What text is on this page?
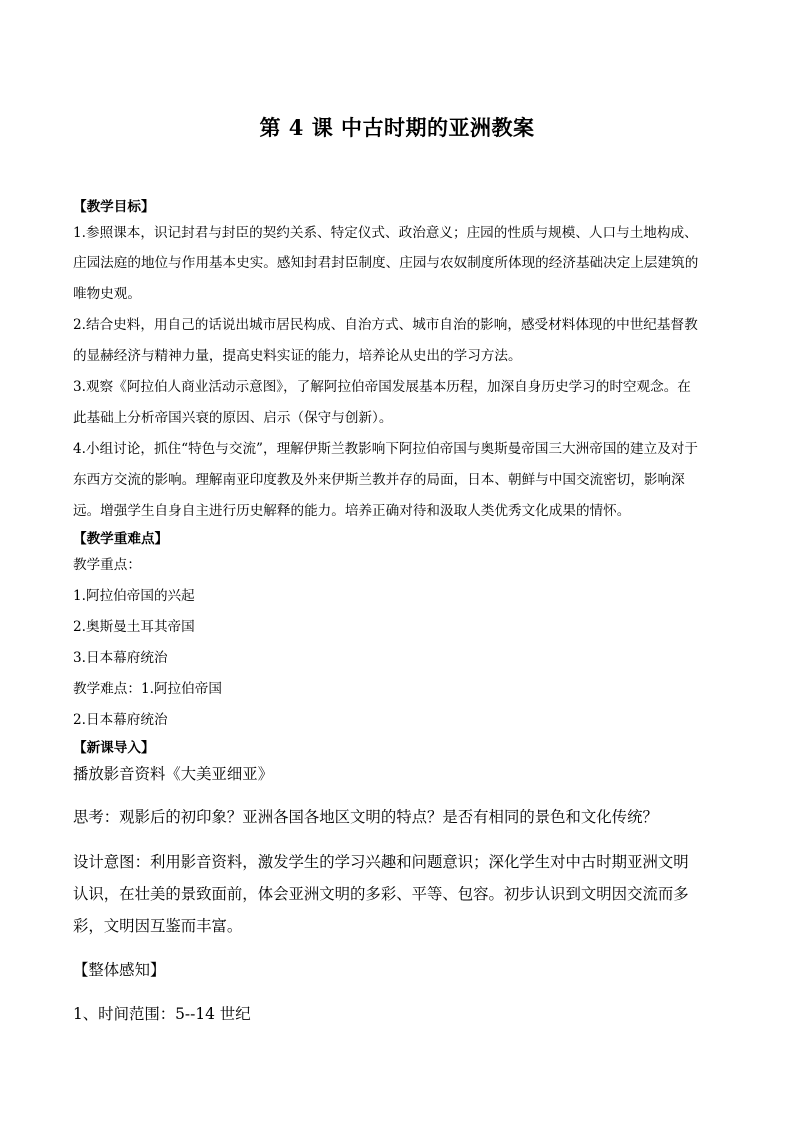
第 4 课 中古时期的亚洲教案
【教学目标】
1.参照课本，识记封君与封臣的契约关系、特定仪式、政治意义；庄园的性质与规模、人口与土地构成、
庄园法庭的地位与作用基本史实。感知封君封臣制度、庄园与农奴制度所体现的经济基础决定上层建筑的
唯物史观。
2.结合史料，用自己的话说出城市居民构成、自治方式、城市自治的影响，感受材料体现的中世纪基督教
的显赫经济与精神力量，提高史料实证的能力，培养论从史出的学习方法。
3.观察《阿拉伯人商业活动示意图》，了解阿拉伯帝国发展基本历程，加深自身历史学习的时空观念。在
此基础上分析帝国兴衰的原因、启示（保守与创新）。
4.小组讨论，抓住“特色与交流”，理解伊斯兰教影响下阿拉伯帝国与奥斯曼帝国三大洲帝国的建立及对于
东西方交流的影响。理解南亚印度教及外来伊斯兰教并存的局面，日本、朝鲜与中国交流密切，影响深
远。增强学生自身自主进行历史解释的能力。培养正确对待和汲取人类优秀文化成果的情怀。
【教学重难点】
教学重点：
1.阿拉伯帝国的兴起
2.奥斯曼土耳其帝国
3.日本幕府统治
教学难点：1.阿拉伯帝国
2.日本幕府统治
【新课导入】
播放影音资料《大美亚细亚》
思考：观影后的初印象？亚洲各国各地区文明的特点？是否有相同的景色和文化传统？
设计意图：利用影音资料，激发学生的学习兴趣和问题意识；深化学生对中古时期亚洲文明
认识，在壮美的景致面前，体会亚洲文明的多彩、平等、包容。初步认识到文明因交流而多
彩，文明因互鉴而丰富。
【整体感知】
1、时间范围：5--14 世纪
